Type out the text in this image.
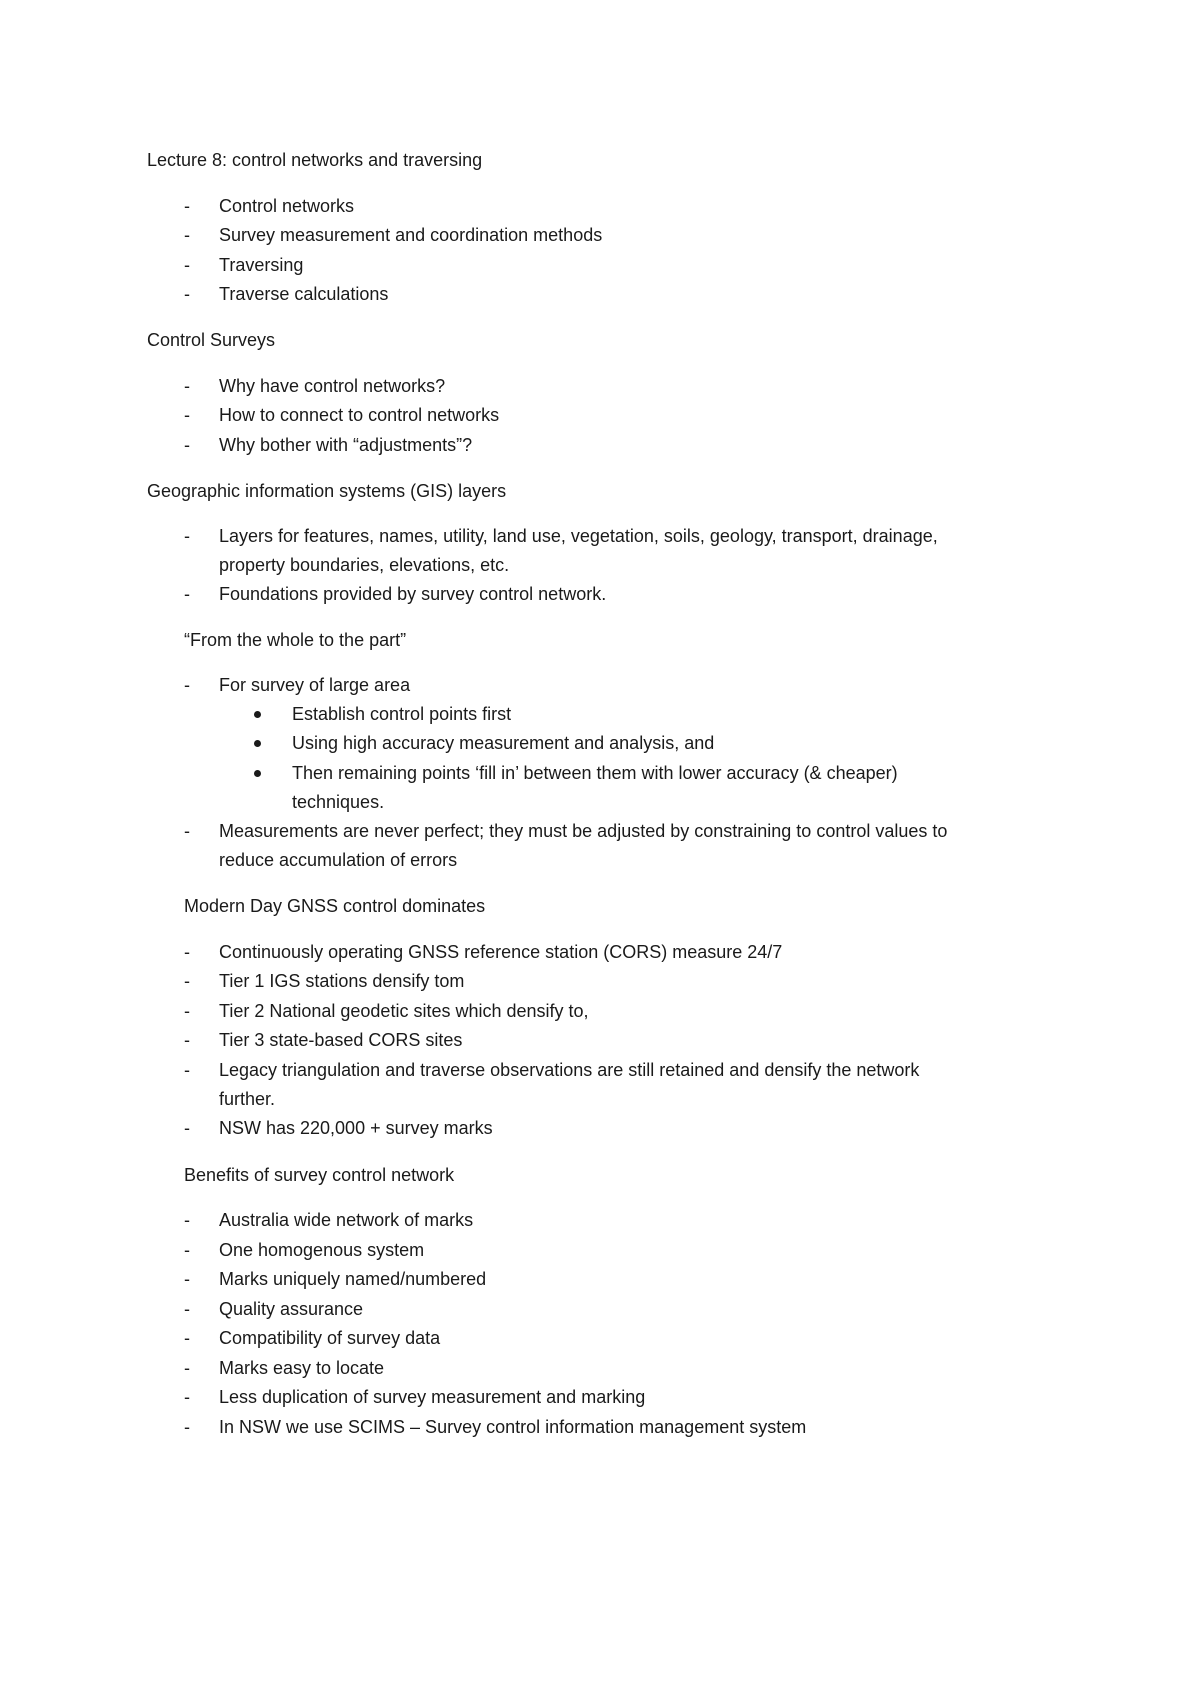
Lecture 8: control networks and traversing
- Control networks
- Survey measurement and coordination methods
- Traversing
- Traverse calculations
Control Surveys
- Why have control networks?
- How to connect to control networks
- Why bother with “adjustments”?
Geographic information systems (GIS) layers
- Layers for features, names, utility, land use, vegetation, soils, geology, transport, drainage,
property boundaries, elevations, etc.
- Foundations provided by survey control network.
“From the whole to the part”
- For survey of large area
Establish control points first
Using high accuracy measurement and analysis, and
Then remaining points ‘fill in’ between them with lower accuracy (& cheaper)
techniques.
- Measurements are never perfect; they must be adjusted by constraining to control values to
reduce accumulation of errors
Modern Day GNSS control dominates
- Continuously operating GNSS reference station (CORS) measure 24/7
- Tier 1 IGS stations densify tom
- Tier 2 National geodetic sites which densify to,
- Tier 3 state-based CORS sites
- Legacy triangulation and traverse observations are still retained and densify the network
further.
- NSW has 220,000 + survey marks
Benefits of survey control network
- Australia wide network of marks
- One homogenous system
- Marks uniquely named/numbered
- Quality assurance
- Compatibility of survey data
- Marks easy to locate
- Less duplication of survey measurement and marking
- In NSW we use SCIMS – Survey control information management system
